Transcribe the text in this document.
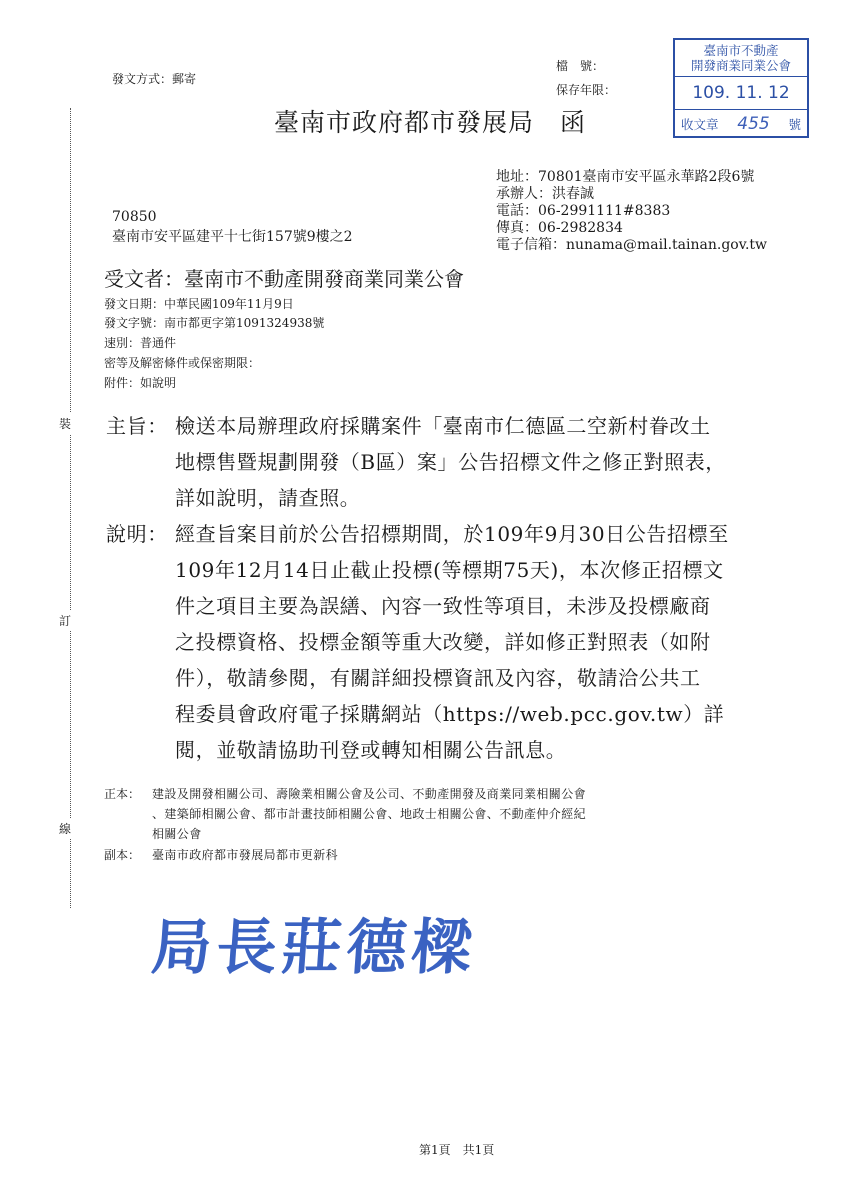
裝
訂
線
發文方式：郵寄
檔　號：
保存年限：
臺南市政府都市發展局　函
臺南市不動產
開發商業同業公會
109. 11. 12
收文章 455 號
地址：70801臺南市安平區永華路2段6號
承辦人：洪春誠
電話：06-2991111#8383
傳真：06-2982834
電子信箱：nunama@mail.tainan.gov.tw
70850
臺南市安平區建平十七街157號9樓之2
受文者：臺南市不動產開發商業同業公會
發文日期：中華民國109年11月9日
發文字號：南市都更字第1091324938號
速別：普通件
密等及解密條件或保密期限：
附件：如說明
主旨： 檢送本局辦理政府採購案件「臺南市仁德區二空新村眷改土
地標售暨規劃開發（B區）案」公告招標文件之修正對照表，
詳如說明，請查照。
說明： 經查旨案目前於公告招標期間，於109年9月30日公告招標至
109年12月14日止截止投標(等標期75天)，本次修正招標文
件之項目主要為誤繕、內容一致性等項目，未涉及投標廠商
之投標資格、投標金額等重大改變，詳如修正對照表（如附
件），敬請參閱，有關詳細投標資訊及內容，敬請洽公共工
程委員會政府電子採購網站（https://web.pcc.gov.tw）詳
閱，並敬請協助刊登或轉知相關公告訊息。
正本： 建設及開發相關公司、壽險業相關公會及公司、不動產開發及商業同業相關公會
、建築師相關公會、都市計畫技師相關公會、地政士相關公會、不動產仲介經紀
相關公會
副本： 臺南市政府都市發展局都市更新科
局長莊德樑
第1頁　共1頁
